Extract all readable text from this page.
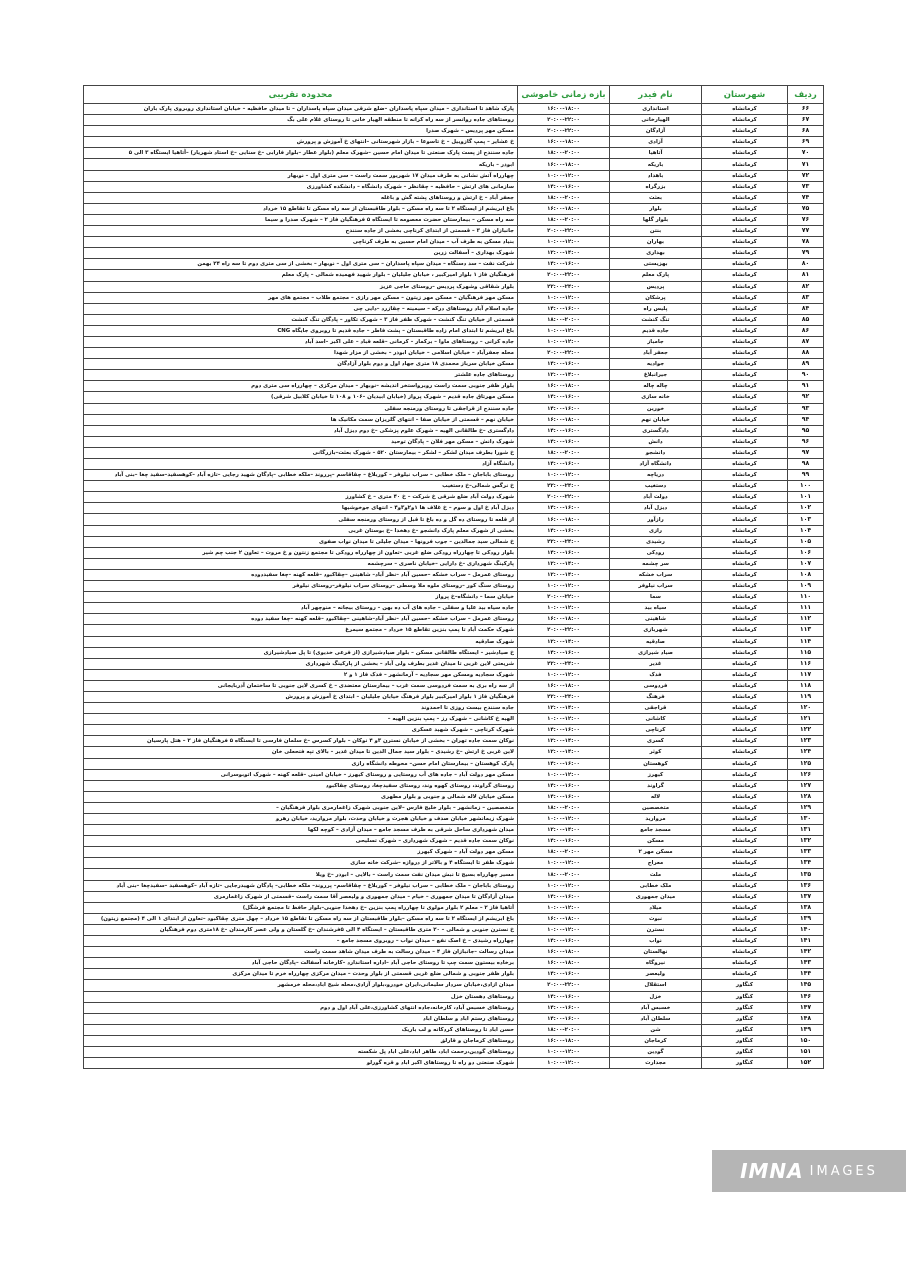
ردیف	شهرستان	نام فیدر	بازه زمانی خاموشی	محدوده تقریبی
۶۶	کرمانشاه	استانداری	۱۶:۰۰-۱۸:۰۰	پارک شاهد تا استانداری – میدان سپاه پاسداران –ضلع شرقی میدان سپاه پاسداران – تا میدان حافظیه – خیابان استانداری روبروی پارک باران
۶۷	کرمانشاه	الهیارخانی	۲۰:۰۰-۲۲:۰۰	روستاهای جاده روانسر از سه راه کرانه تا منطقه الهیار خانی تا روستای غلام علی بگ
۶۸	کرمانشاه	آزادگان	۲۰:۰۰-۲۲:۰۰	مسکن مهر پردیس – شهرک صدرا
۶۹	کرمانشاه	آزادی	۱۶:۰۰-۱۸:۰۰	خ عشایر – پمپ گازوییل – خ تاسوعا – بازار شهرستانی –انتهای خ آموزش و پرورش
۷۰	کرمانشاه	آتاهیا	۱۸:۰۰-۲۰:۰۰	جاده سنندج از پست پارک صنعتی تا میدان امام حسین –شهرک معلم (بلوار عطار –بلوار فارابی –خ سنایی –خ استاد شهریار) –آتاهیا ایستگاه ۳ الی ۵
۷۱	کرمانشاه	باریکه	۱۶:۰۰-۱۸:۰۰	ابوذر – باریکه
۷۲	کرمانشاه	باهداد	۱۰:۰۰-۱۲:۰۰	چهارراه آتش نشانی به طرف میدان ۱۷ شهریور سمت راست – سی متری اول – نوبهار
۷۳	کرمانشاه	بزرگراه	۱۴:۰۰-۱۶:۰۰	سازمانی های ارتش – حافظیه – چقانظر – شهرک دانشگاه – دانشکده کشاورزی
۷۴	کرمانشاه	بعثت	۱۸:۰۰-۲۰:۰۰	جعفر آباد – خ ارتش و روستاهای پشته گش و باغله
۷۵	کرمانشاه	بلوار	۱۶:۰۰-۱۸:۰۰	باغ ابریشم از ایستگاه ۲ تا سه راه مسکن – بلوار طاقبستان از سه راه مسکن تا تقاطع ۱۵ خرداد
۷۶	کرمانشاه	بلوار گلها	۱۸:۰۰-۲۰:۰۰	سه راه مسکن – بیمارستان حضرت معصومه تا ایستگاه ۵ فرهنگیان فاز ۲ – شهرک صدرا و سیما
۷۷	کرمانشاه	بنتن	۲۰:۰۰-۲۲:۰۰	جانبازان فاز ۳ – قسمتی از ابتدای کرناچی بخشی از جاده سنندج
۷۸	کرمانشاه	بهاران	۱۰:۰۰-۱۲:۰۰	بنیاد مسکن به طرف آب – میدان امام حسین به طرف کرناچی
۷۹	کرمانشاه	بهداری	۱۲:۰۰-۱۴:۰۰	شهرک بهداری – آسفالت زرین
۸۰	کرمانشاه	بهزیستی	۱۴:۰۰-۱۶:۰۰	شرکت نفت – سد دسنگاه – میدان سپاه پاسداران – سی متری اول – نوبهار – بخشی از سی متری دوم تا سه راه ۲۴ بهمن
۸۱	کرمانشاه	پارک معلم	۲۰:۰۰-۲۲:۰۰	فرهنگیان فاز ۱ بلوار امیرکبیر ، خیابان جلیلیان – بلوار شهید فهمیده شمالی – پارک معلم
۸۲	کرمانشاه	پردیس	۲۲:۰۰-۲۴:۰۰	بلوار شقاقی وشهرک پردیس –روستای حاجی عزیز
۸۳	کرمانشاه	پرشکان	۱۰:۰۰-۱۲:۰۰	مسکن مهر فرهنگیان – مسکن مهر زیتون – مسکن مهر رازی – مجتمع طلاب – مجتمع های مهر
۸۴	کرمانشاه	پلیس راه	۱۴:۰۰-۱۶:۰۰	جاده اسلام آباد روستاهای درکه – سیمینه – چقازرد –دایی چی
۸۵	کرمانشاه	تنگ کنشت	۱۸:۰۰-۲۰:۰۰	قسمتی از خیابان تنگ کنشت – شهرک ظفر فاز ۳ – شهرک تکاور – پادگان تنگ کنشت
۸۶	کرمانشاه	جاده قدیم	۱۰:۰۰-۱۲:۰۰	باغ ابریشم تا ابتدای امام زاده طاقبستان – پشت فاطر – جاده قدیم تا روبروی جایگاه CNG
۸۷	کرمانشاه	جامباز	۱۰:۰۰-۱۲:۰۰	جاده کرانی – روستاهای ماوا – برکمار – کرمانی –قلعه قباد – علی اکبر –اسد آباد
۸۸	کرمانشاه	جعفر آباد	۲۰:۰۰-۲۲:۰۰	محله جعفرآباد – خیابان اسلامی – خیابان ابوذر – بخشی از مزار شهدا
۸۹	کرمانشاه	جوادیه	۱۴:۰۰-۱۶:۰۰	مسکن خیابان سرباز محمدی ۱۸ متری جهاد اول و دوم بلوار آزادگان
۹۰	کرمانشاه	جیرانبلاغ	۱۲:۰۰-۱۴:۰۰	روستاهای جاده علشتر
۹۱	کرمانشاه	چاله چاله	۱۶:۰۰-۱۸:۰۰	بلوار ظفر جنوبی سمت راست روبرواستخر اندیشه –نوبهار – میدان مرکزی – چهارراه سی متری دوم
۹۲	کرمانشاه	خانه سازی	۱۴:۰۰-۱۶:۰۰	مسکن مهرتاق جاده قدیم – شهرک پرواز (خیابان ابیدیان –۱۰۶ و ۱۰۸ تا خیابان کلابیل شرقی)
۹۳	کرمانشاه	خورین	۱۴:۰۰-۱۶:۰۰	جاده سنندج از قراجقی تا روستای ورمنجه سفلی
۹۴	کرمانشاه	خیابان نهم	۱۶:۰۰-۱۸:۰۰	خیابان نهم – قسمتی از خیابان صفا – انتهای گلریزان سمت مکانیک ها
۹۵	کرمانشاه	دادگستری	۱۴:۰۰-۱۶:۰۰	دادگستری –خ طالقانی الهیه – شهرک علوم پزشکی –خ دوم دیزل آباد
۹۶	کرمانشاه	دانش	۱۴:۰۰-۱۶:۰۰	شهرک دانش – مسکن مهر فلان – پادگان توحید
۹۷	کرمانشاه	دانشجو	۱۸:۰۰-۲۰:۰۰	خ شورا بطرف میدان لشکر – لشکر – بیمارستان ۵۲۰ – شهرک بعثت–بازرگانی
۹۸	کرمانشاه	دانشگاه آزاد	۱۴:۰۰-۱۶:۰۰	دانشگاه آزاد
۹۹	کرمانشاه	دریاچه	۱۰:۰۰-۱۲:۰۰	روستای باباجان – ملک خطابی – سراب نیلوفر – کوربلاغ – چقاقاسم –پرروند –ملکه خطابی –پادگان شهید رجایی –تازه آباد –کوهسفید–سفید چغا –بنی آباد
۱۰۰	کرمانشاه	دستغیب	۲۲:۰۰-۲۴:۰۰	خ نرگس شمالی–خ دستغیب
۱۰۱	کرمانشاه	دولت آباد	۲۰:۰۰-۲۲:۰۰	شهرک دولت آباد ضلع شرقی خ شرکت – خ ۴۰ متری – خ کشاورز
۱۰۲	کرمانشاه	دیزل آباد	۱۴:۰۰-۱۶:۰۰	دیزل آباد خ اول و سوم – خ غلاف ها ۱و۲و۳و۴ – انتهای جوخوشیها
۱۰۳	کرمانشاه	رازآور	۱۶:۰۰-۱۸:۰۰	از قلعه تا روستای ده گل و ده باغ تا قبل از روستای ورمنجه سفلی
۱۰۴	کرمانشاه	رازی	۱۴:۰۰-۱۶:۰۰	بخشی از شهرک معلم پارک دانشجو –خ دهخدا –خ بوستان غربی
۱۰۵	کرمانشاه	رشیدی	۲۲:۰۰-۲۴:۰۰	خ شمالی سید جمالدین – جوب فرونها – میدان جلیلی تا میدان نواب صفوی
۱۰۶	کرمانشاه	رودکی	۱۴:۰۰-۱۶:۰۰	بلوار رودکی تا چهارراه رودکی ضلع غربی –تعاون از چهارراه رودکی تا مجتمع زنتون و خ مروت – تعاون ۲ جنب چم شیر
۱۰۷	کرمانشاه	سر چشمه	۱۲:۰۰-۱۴:۰۰	پارکینگ شهرداری –خ دارایی –خیابان ناصری – سرچشمه
۱۰۸	کرمانشاه	سراب خشکه	۱۲:۰۰-۱۴:۰۰	روستای عمرمل – سراب خشکه –حسین آباد –نظر آباد– شاهینی –چقاکبود –قلعه کهنه –چغا سفیددوده
۱۰۹	کرمانشاه	سراب نیلوفر	۱۰:۰۰-۱۲:۰۰	روستای سنگ کور –روستای ملوه ملا وسطی –روستای سراب نیلوفر–روستای نیلوفر
۱۱۰	کرمانشاه	سما	۲۰:۰۰-۲۲:۰۰	خیابان سما – دانشگاه–خ پرواز
۱۱۱	کرمانشاه	سیاه بید	۱۰:۰۰-۱۲:۰۰	جاده سیاه بید علیا و سفلی – جاده های آب ده بهن – روستای بیجانه – منوچهر آباد
۱۱۲	کرمانشاه	شاهینی	۱۶:۰۰-۱۸:۰۰	روستای عمرمل – سراب خشکه –حسین آباد –نظر آباد–شاهینی –چقاکبود –قلعه کهنه –چغا سفید دوده
۱۱۳	کرمانشاه	شهربازی	۲۰:۰۰-۲۲:۰۰	شهرک حکمت آباد تا پمپ بنزین تقاطع ۱۵ خرداد – مجتمع سیمرغ
۱۱۴	کرمانشاه	صادقیه	۱۲:۰۰-۱۴:۰۰	شهرک صادقیه
۱۱۵	کرمانشاه	صیاد شیرازی	۱۴:۰۰-۱۶:۰۰	خ صیادشیر – ایستگاه طالقانی مسکن – بلوار صیادشیرازی (از فرعی خدیوی) تا پل صیادشیرازی
۱۱۶	کرمانشاه	غدیر	۲۲:۰۰-۲۴:۰۰	شریعتی لاین غربی تا میدان غدیر بطرف ولی آباد – بخشی از پارکینگ شهرداری
۱۱۷	کرمانشاه	فدک	۱۰:۰۰-۱۲:۰۰	شهرک سجادیه ومسکن مهر سجادیه – آرمانشهر – فدک فاز ۱ و ۲
۱۱۸	کرمانشاه	فردوسی	۱۶:۰۰-۱۸:۰۰	از سه راه بری به سمت فردوسی سمت غرب – بیمارستان معتضدی – خ کسری لاین جنوبی تا ساختمان آذربایجانی
۱۱۹	کرمانشاه	فرهنگ	۲۲:۰۰-۲۴:۰۰	فرهنگیان فاز ۱ بلوار امیرکبیر بلوار فرهنگ خیابان جلیلیان – ابتدای خ آموزش و پرورش
۱۲۰	کرمانشاه	قراجقی	۱۲:۰۰-۱۴:۰۰	جاده سنندج بیست روزی تا احمدوند
۱۲۱	کرمانشاه	کاشانی	۱۰:۰۰-۱۲:۰۰	الهیه خ کاشانی – شهرک رز – پمپ بنزین الهیه –
۱۲۲	کرمانشاه	کرناچی	۱۴:۰۰-۱۶:۰۰	شهرک کرناچی – شهرک شهید عسکری
۱۲۳	کرمانشاه	کسری	۱۲:۰۰-۱۴:۰۰	نوکان سمت جاده تهران – بخشی از خیابان نسترن ۳و ۴ نوکان – بلوار کسرس –خ سلمان فارسی تا ایستگاه ۵ فرهنگیان فاز ۲ – هتل پارسیان
۱۲۴	کرمانشاه	کوثر	۱۲:۰۰-۱۴:۰۰	لاین غربی خ ارتش –خ رشیدی – بلوار سید جمال الدین تا میدان غدیر – بالای تپه فتحعلی خان
۱۲۵	کرمانشاه	کوهستان	۱۴:۰۰-۱۶:۰۰	پارک کوهستان – بیمارستان امام حسن– محوطه دانشگاه رازی
۱۲۶	کرمانشاه	کیهرز	۱۰:۰۰-۱۲:۰۰	مسکن مهر دولت آباد – جاده های آب روستایی و روستای کیهرز – خیابان امینی –قلعه کهنه – شهرک اتوبوسرانی
۱۲۷	کرمانشاه	گراوند	۱۴:۰۰-۱۶:۰۰	روستای گراوند، روستای کهوه وند، روستای سفیدچغا، روستای چقاکبود
۱۲۸	کرمانشاه	لاله	۱۴:۰۰-۱۶:۰۰	مسکن خیابان لاله شمالی و جنوبی و بلوار مطهری
۱۲۹	کرمانشاه	متخصصین	۱۸:۰۰-۲۰:۰۰	متخصصین – زمانشهر – بلوار خلیج فارس –لاین جنوبی شهرک زاغمارمری بلوار فرهنگیان –
۱۳۰	کرمانشاه	مروارید	۱۰:۰۰-۱۲:۰۰	شهرک زیمانشهر خیابان صدف و خیابان هجرت و خیابان وحدت، بلوار مروارید، خیابان رهرو
۱۳۱	کرمانشاه	مسجد جامع	۱۲:۰۰-۱۴:۰۰	میدان شهرداری ساحل شرقی به طرف مسجد جامع – میدان آزادی – کوچه لکها
۱۳۲	کرمانشاه	مسکن	۱۴:۰۰-۱۶:۰۰	نوکان سمت جاده قدیم – شهرک شهرداری – شهرک تسلیحی
۱۳۳	کرمانشاه	مسکن مهر ۲	۱۸:۰۰-۲۰:۰۰	مسکن مهر دولت آباد – شهرک کیهرز
۱۳۴	کرمانشاه	معراج	۱۰:۰۰-۱۲:۰۰	شهرک ظفر تا ایستگاه ۴ و بالاتر از دروازه –شرکت خانه سازی
۱۳۵	کرمانشاه	ملت	۱۸:۰۰-۲۰:۰۰	مسیر چهارراه بسیج تا نبش میدان نفت سمت راست – بالایی – ابوذر –خ ویلا
۱۳۶	کرمانشاه	ملک خطابی	۱۰:۰۰-۱۲:۰۰	روستای باباجان – ملک خطابی – سراب نیلوفر – کوربلاغ – چقاقاسم– پرروند– ملکه خطابی– پادگان شهیدرجایی –تازه آباد –کوهسفید –سفیدچغا –بنی آباد
۱۳۷	کرمانشاه	میدان جمهوری	۱۴:۰۰-۱۶:۰۰	میدان آزادگان تا میدان جمهوری – خیام – میدان جمهوری و ولیعصر آقا سمت راست –قسمتی از شهرک زاغمارمری
۱۳۸	کرمانشاه	میلاد	۱۰:۰۰-۱۲:۰۰	آتاهیا فاز ۲ – معلم ۲ بلوار مولوی تا چهارراه پمپ بنزین –خ دهخدا جنوبی–بلوار حافظ تا مجتمع فرشگل)
۱۳۹	کرمانشاه	نبوت	۱۶:۰۰-۱۸:۰۰	باغ ابریشم از ایستگاه ۲ تا سه راه مسکن –بلوار طاقبستان از سه راه مسکن تا تقاطع ۱۵ خرداد – چهل متری چقاکبود –تعاون از ابتدای ۱ الی ۴ (مجتمع زیتون)
۱۴۰	کرمانشاه	نسترن	۱۰:۰۰-۱۲:۰۰	خ نسترن جنوبی و شمالی – ۲۰ متری طاقبستان – ایستگاه ۴ الی ۵فرشندان –خ گلستان و ولی عصر کارمندان –خ ۱۸متری دوم فرهنگیان
۱۴۱	کرمانشاه	نواب	۱۴:۰۰-۱۶:۰۰	چهارراه رشیدی – خ اصک نفع – میدان نواب – روبروی مسجد جامع –
۱۴۲	کرمانشاه	نهالستان	۱۶:۰۰-۱۸:۰۰	میدان رسالت –جانبازان فاز ۴ – میدان رسالت به طرف میدان شاهد سمت راست
۱۴۳	کرمانشاه	نیروگاه	۱۶:۰۰-۱۸:۰۰	برخاده بیستون سمت چپ تا روستای حاجی آباد –اداره استاندارد –کارخانه آسفالت –پادگان حاجی آباد
۱۴۴	کرمانشاه	ولیعصر	۱۴:۰۰-۱۶:۰۰	بلوار ظفر جنوبی و شمالی ضلع غربی قسمتی از بلوار وحدت – میدان مرکزی چهارراه خرم تا میدان مرکزی
۱۴۵	کنگاور	استقلال	۲۰:۰۰-۲۲:۰۰	میدان ازادی،خیابان سردار سلیمانی،ایران خودرو،بلوار آزادی،محله شیخ اباد،محله خرمشهر
۱۴۶	کنگاور	خزل	۱۴:۰۰-۱۶:۰۰	روستاهای دهستان خزل
۱۴۷	کنگاور	خسبس آباد	۱۴:۰۰-۱۶:۰۰	روستاهای خسبس آباد، کارخانه،جاده انتهای کشاورزی،علی آباد اول و دوم
۱۴۸	کنگاور	سلطان آباد	۱۴:۰۰-۱۶:۰۰	روستاهای رستم اباد و سلطان اباد
۱۴۹	کنگاور	شن	۱۸:۰۰-۲۰:۰۰	حسن اباد تا روستاهای کردکانه و لب باریک
۱۵۰	کنگاور	کرماجان	۱۶:۰۰-۱۸:۰۰	روستاهای کرماجان و قارلق
۱۵۱	کنگاور	گودین	۱۰:۰۰-۱۲:۰۰	روستاهای گودین،رحمت اباد، طاهر اباد،علی اباد پل شکسته
۱۵۲	کنگاور	مجدارت	۱۰:۰۰-۱۲:۰۰	شهرک صنعتی دو راه تا روستاهای اکبر اباد و قره گورلو
IMNA IMAGES
